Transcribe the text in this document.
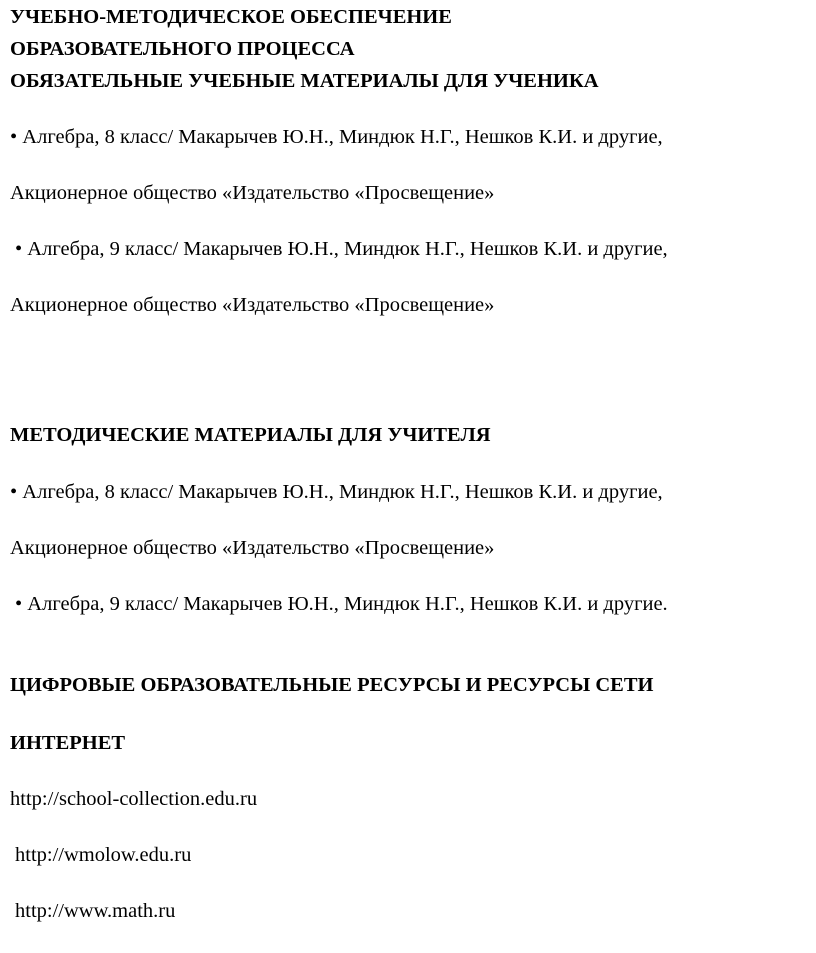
УЧЕБНО-МЕТОДИЧЕСКОЕ ОБЕСПЕЧЕНИЕ
ОБРАЗОВАТЕЛЬНОГО ПРОЦЕССА
ОБЯЗАТЕЛЬНЫЕ УЧЕБНЫЕ МАТЕРИАЛЫ ДЛЯ УЧЕНИКА
• Алгебра, 8 класс/ Макарычев Ю.Н., Миндюк Н.Г., Нешков К.И. и другие,
Акционерное общество «Издательство «Просвещение»
• Алгебра, 9 класс/ Макарычев Ю.Н., Миндюк Н.Г., Нешков К.И. и другие,
Акционерное общество «Издательство «Просвещение»
МЕТОДИЧЕСКИЕ МАТЕРИАЛЫ ДЛЯ УЧИТЕЛЯ
• Алгебра, 8 класс/ Макарычев Ю.Н., Миндюк Н.Г., Нешков К.И. и другие,
Акционерное общество «Издательство «Просвещение»
• Алгебра, 9 класс/ Макарычев Ю.Н., Миндюк Н.Г., Нешков К.И. и другие.
ЦИФРОВЫЕ ОБРАЗОВАТЕЛЬНЫЕ РЕСУРСЫ И РЕСУРСЫ СЕТИ
ИНТЕРНЕТ
http://school-collection.edu.ru
http://wmolow.edu.ru
http://www.math.ru
